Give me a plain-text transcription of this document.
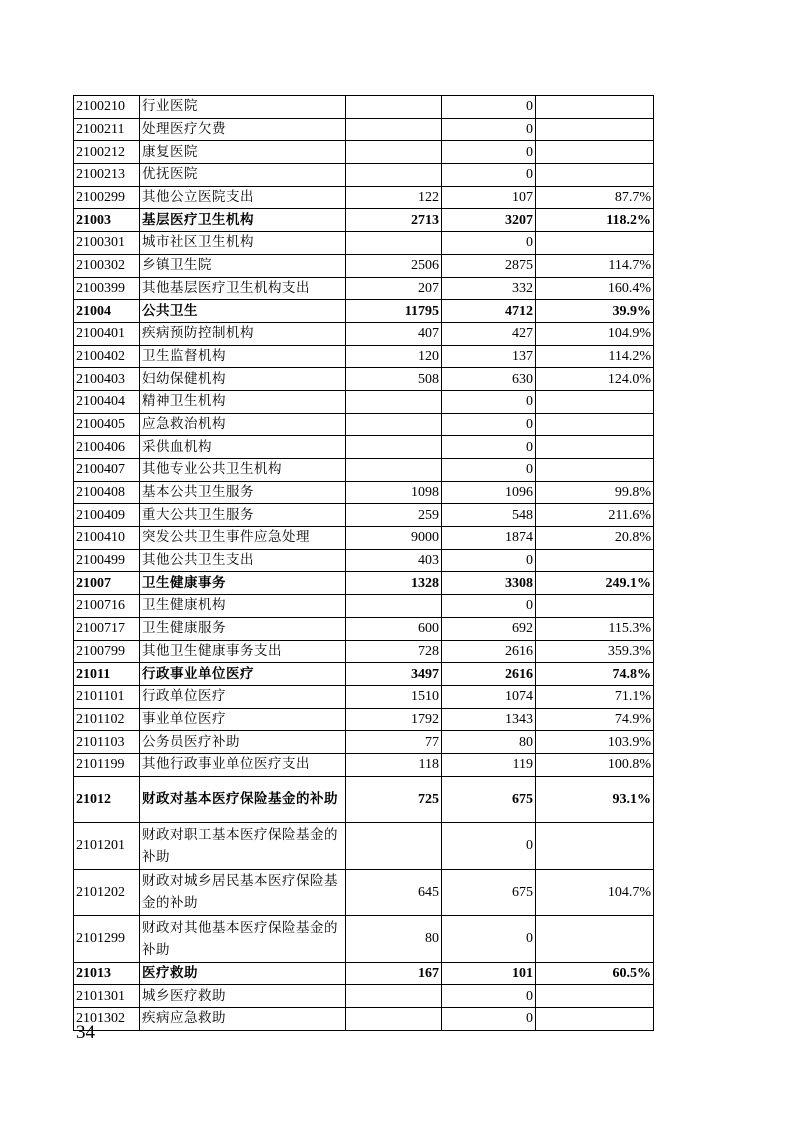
2100210	行业医院		0	
2100211	处理医疗欠费		0	
2100212	康复医院		0	
2100213	优抚医院		0	
2100299	其他公立医院支出	122	107	87.7%
21003	基层医疗卫生机构	2713	3207	118.2%
2100301	城市社区卫生机构		0	
2100302	乡镇卫生院	2506	2875	114.7%
2100399	其他基层医疗卫生机构支出	207	332	160.4%
21004	公共卫生	11795	4712	39.9%
2100401	疾病预防控制机构	407	427	104.9%
2100402	卫生监督机构	120	137	114.2%
2100403	妇幼保健机构	508	630	124.0%
2100404	精神卫生机构		0	
2100405	应急救治机构		0	
2100406	采供血机构		0	
2100407	其他专业公共卫生机构		0	
2100408	基本公共卫生服务	1098	1096	99.8%
2100409	重大公共卫生服务	259	548	211.6%
2100410	突发公共卫生事件应急处理	9000	1874	20.8%
2100499	其他公共卫生支出	403	0	
21007	卫生健康事务	1328	3308	249.1%
2100716	卫生健康机构		0	
2100717	卫生健康服务	600	692	115.3%
2100799	其他卫生健康事务支出	728	2616	359.3%
21011	行政事业单位医疗	3497	2616	74.8%
2101101	行政单位医疗	1510	1074	71.1%
2101102	事业单位医疗	1792	1343	74.9%
2101103	公务员医疗补助	77	80	103.9%
2101199	其他行政事业单位医疗支出	118	119	100.8%
21012	财政对基本医疗保险基金的补助	725	675	93.1%
2101201	财政对职工基本医疗保险基金的补助		0	
2101202	财政对城乡居民基本医疗保险基金的补助	645	675	104.7%
2101299	财政对其他基本医疗保险基金的补助	80	0	
21013	医疗救助	167	101	60.5%
2101301	城乡医疗救助		0	
2101302	疾病应急救助		0	
34
